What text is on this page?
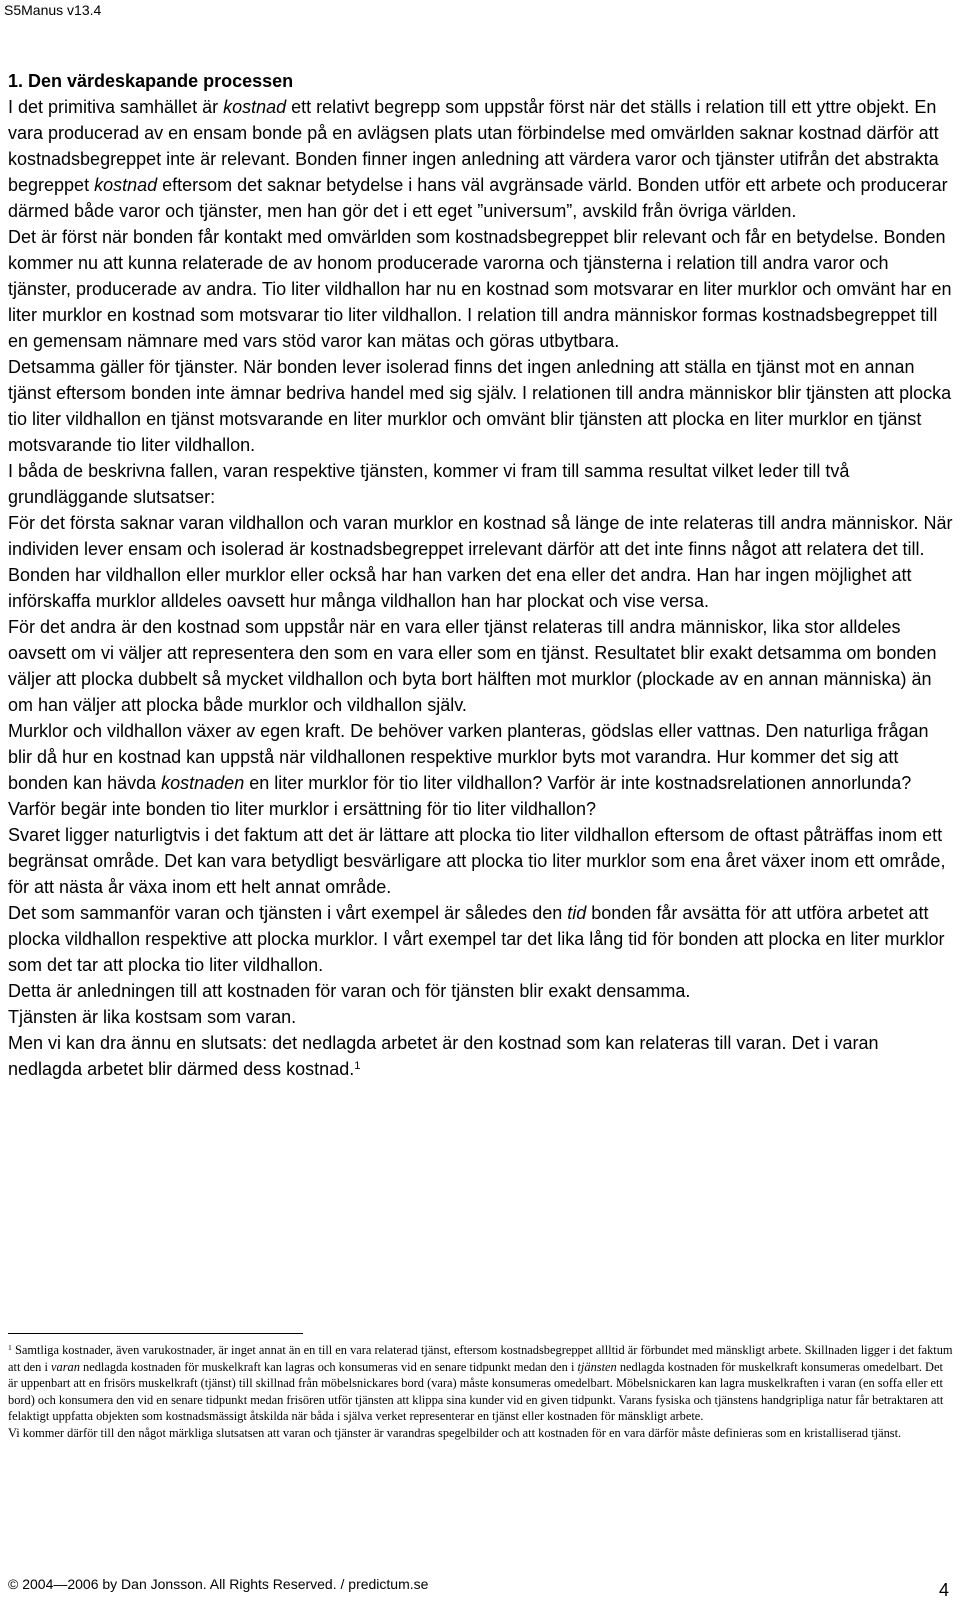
S5Manus v13.4
1. Den värdeskapande processen

I det primitiva samhället är kostnad ett relativt begrepp som uppstår först när det ställs i relation till ett yttre objekt. En vara producerad av en ensam bonde på en avlägsen plats utan förbindelse med omvärlden saknar kostnad därför att kostnadsbegreppet inte är relevant. Bonden finner ingen anledning att värdera varor och tjänster utifrån det abstrakta begreppet kostnad eftersom det saknar betydelse i hans väl avgränsade värld. Bonden utför ett arbete och producerar därmed både varor och tjänster, men han gör det i ett eget ”universum”, avskild från övriga världen.

Det är först när bonden får kontakt med omvärlden som kostnadsbegreppet blir relevant och får en betydelse. Bonden kommer nu att kunna relaterade de av honom producerade varorna och tjänsterna i relation till andra varor och tjänster, producerade av andra. Tio liter vildhallon har nu en kostnad som motsvarar en liter murklor och omvänt har en liter murklor en kostnad som motsvarar tio liter vildhallon. I relation till andra människor formas kostnadsbegreppet till en gemensam nämnare med vars stöd varor kan mätas och göras utbytbara.

Detsamma gäller för tjänster. När bonden lever isolerad finns det ingen anledning att ställa en tjänst mot en annan tjänst eftersom bonden inte ämnar bedriva handel med sig själv. I relationen till andra människor blir tjänsten att plocka tio liter vildhallon en tjänst motsvarande en liter murklor och omvänt blir tjänsten att plocka en liter murklor en tjänst motsvarande tio liter vildhallon.

I båda de beskrivna fallen, varan respektive tjänsten, kommer vi fram till samma resultat vilket leder till två grundläggande slutsatser:

För det första saknar varan vildhallon och varan murklor en kostnad så länge de inte relateras till andra människor. När individen lever ensam och isolerad är kostnadsbegreppet irrelevant därför att det inte finns något att relatera det till. Bonden har vildhallon eller murklor eller också har han varken det ena eller det andra. Han har ingen möjlighet att införskaffa murklor alldeles oavsett hur många vildhallon han har plockat och vise versa.

För det andra är den kostnad som uppstår när en vara eller tjänst relateras till andra människor, lika stor alldeles oavsett om vi väljer att representera den som en vara eller som en tjänst. Resultatet blir exakt detsamma om bonden väljer att plocka dubbelt så mycket vildhallon och byta bort hälften mot murklor (plockade av en annan människa) än om han väljer att plocka både murklor och vildhallon själv.

Murklor och vildhallon växer av egen kraft. De behöver varken planteras, gödslas eller vattnas. Den naturliga frågan blir då hur en kostnad kan uppstå när vildhallonen respektive murklor byts mot varandra. Hur kommer det sig att bonden kan hävda kostnaden en liter murklor för tio liter vildhallon? Varför är inte kostnadsrelationen annorlunda? Varför begär inte bonden tio liter murklor i ersättning för tio liter vildhallon?

Svaret ligger naturligtvis i det faktum att det är lättare att plocka tio liter vildhallon eftersom de oftast påträffas inom ett begränsat område. Det kan vara betydligt besvärligare att plocka tio liter murklor som ena året växer inom ett område, för att nästa år växa inom ett helt annat område.

Det som sammanför varan och tjänsten i vårt exempel är således den tid bonden får avsätta för att utföra arbetet att plocka vildhallon respektive att plocka murklor. I vårt exempel tar det lika lång tid för bonden att plocka en liter murklor som det tar att plocka tio liter vildhallon.

Detta är anledningen till att kostnaden för varan och för tjänsten blir exakt densamma.

Tjänsten är lika kostsam som varan.

Men vi kan dra ännu en slutsats: det nedlagda arbetet är den kostnad som kan relateras till varan. Det i varan nedlagda arbetet blir därmed dess kostnad.$^1$

$^1$ Samtliga kostnader, även varukostnader, är inget annat än en till en vara relaterad tjänst, eftersom kostnadsbegreppet allltid är förbundet med mänskligt arbete. Skillnaden ligger i det faktum att den i varan nedlagda kostnaden för muskelkraft kan lagras och konsumeras vid en senare tidpunkt medan den i tjänsten nedlagda kostnaden för muskelkraft konsumeras omedelbart. Det är uppenbart att en frisörs muskelkraft (tjänst) till skillnad från möbelsnickares bord (vara) måste konsumeras omedelbart. Möbelsnickaren kan lagra muskelkraften i varan (en soffa eller ett bord) och konsumera den vid en senare tidpunkt medan frisören utför tjänsten att klippa sina kunder vid en given tidpunkt. Varans fysiska och tjänstens handgripliga natur får betraktaren att felaktigt uppfatta objekten som kostnadsmässigt åtskilda när båda i själva verket representerar en tjänst eller kostnaden för mänskligt arbete.

Vi kommer därför till den något märkliga slutsatsen att varan och tjänster är varandras spegelbilder och att kostnaden för en vara därför måste definieras som en kristalliserad tjänst.

© 2004—2006 by Dan Jonsson. All Rights Reserved. / predictum.se	4
